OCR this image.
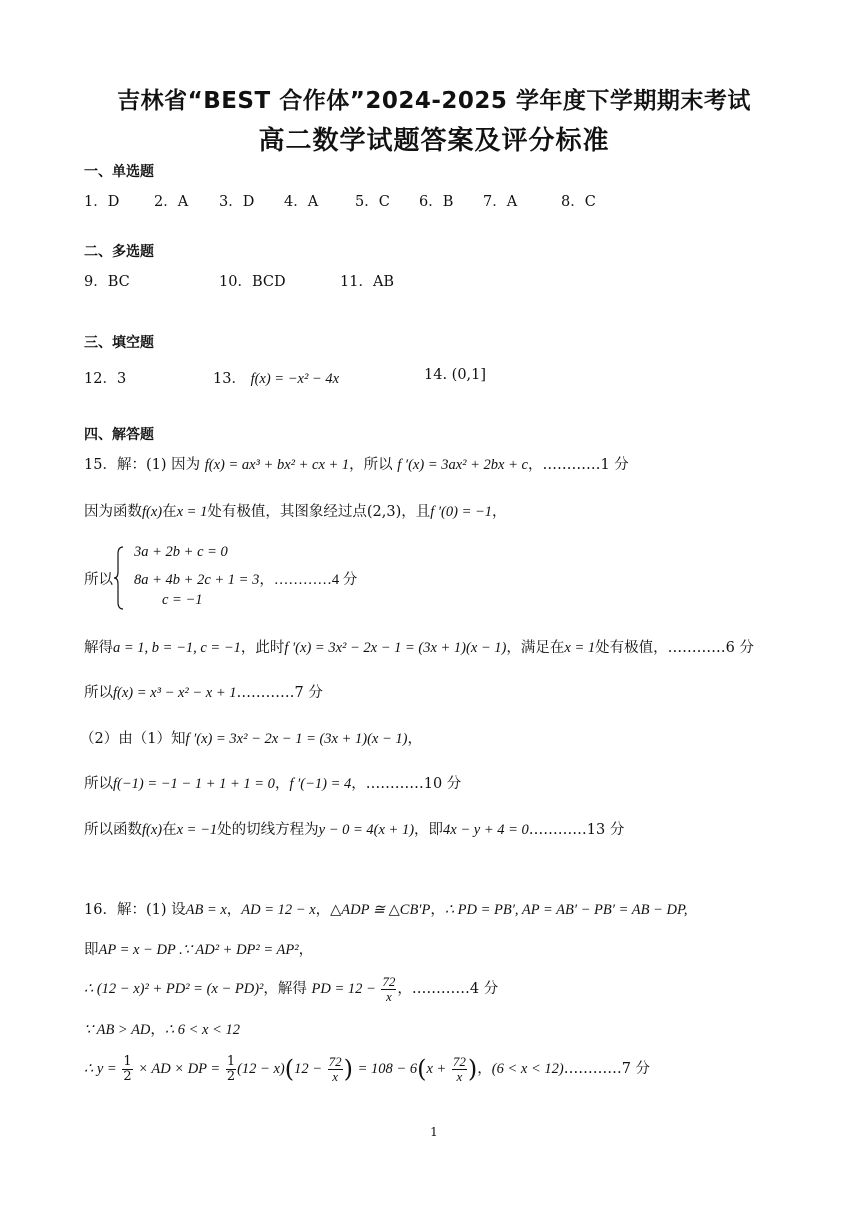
吉林省“BEST 合作体”2024-2025 学年度下学期期末考试
高二数学试题答案及评分标准
一、单选题
1．D 2．A 3．D 4．A	5．C 6．B 7．A	8．C
二、多选题
9．BC	10．BCD	11．AB
三、填空题
12．3	13． f(x) = −x² − 4x	14. (0,1]
四、解答题
15．解：(1) 因为 f(x) = ax³ + bx² + cx + 1，所以 f ′(x) = 3ax² + 2bx + c，…………1 分
因为函数f(x)在x = 1处有极值，其图象经过点(2,3)，且f ′(0) = −1，
所以
3a + 2b + c = 0
8a + 4b + 2c + 1 = 3，…………4 分
c = −1
解得a = 1, b = −1, c = −1，此时f ′(x) = 3x² − 2x − 1 = (3x + 1)(x − 1)，满足在x = 1处有极值，…………6 分
所以f(x) = x³ − x² − x + 1…………7 分
（2）由（1）知f ′(x) = 3x² − 2x − 1 = (3x + 1)(x − 1)，
所以f(−1) = −1 − 1 + 1 + 1 = 0，f ′(−1) = 4，…………10 分
所以函数f(x)在x = −1处的切线方程为y − 0 = 4(x + 1)，即4x − y + 4 = 0…………13 分
16．解：(1) 设AB = x，AD = 12 − x，△ADP ≅ △CB′P，∴ PD = PB′, AP = AB′ − PB′ = AB − DP,
即AP = x − DP .∵ AD² + DP² = AP²，
∴ (12 − x)² + PD² = (x − PD)²，解得 PD = $12 - \frac{72}{x}$ ，…………4 分
∵ AB > AD，∴ 6 < x < 12
∴ $y = \frac{1}{2}$ × AD × DP = $\frac{1}{2} (12 - x)(12 - \frac{72}{x}$ ) = $108 - 6(x + \frac{72}{x}$ )，(6 < x < 12)…………7 分
1
